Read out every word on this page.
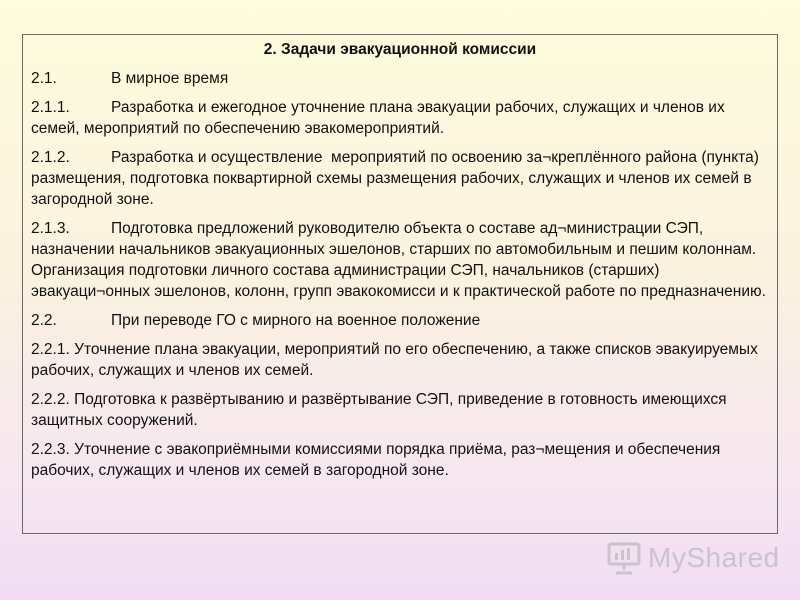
2. Задачи эвакуационной комиссии
2.1.	В мирное время
2.1.1.	Разработка и ежегодное уточнение плана эвакуации рабочих, служащих и членов их семей, мероприятий по обеспечению эвакомероприятий.
2.1.2.	Разработка и осуществление  мероприятий по освоению за¬креплённого района (пункта) размещения, подготовка поквартирной схемы размещения рабочих, служащих и членов их семей в загородной зоне.
2.1.3.	Подготовка предложений руководителю объекта о составе ад¬министрации СЭП, назначении начальников эвакуационных эшелонов, старших по автомобильным и пешим колоннам. Организация подготовки личного состава администрации СЭП, начальников (старших) эвакуаци¬онных эшелонов, колонн, групп эвакокомисси и к практической работе по предназначению.
2.2.	При переводе ГО с мирного на военное положение
2.2.1. Уточнение плана эвакуации, мероприятий по его обеспечению, а также списков эвакуируемых рабочих, служащих и членов их семей.
2.2.2. Подготовка к развёртыванию и развёртывание СЭП, приведение в готовность имеющихся защитных сооружений.
2.2.3. Уточнение с эвакоприёмными комиссиями порядка приёма, раз¬мещения и обеспечения рабочих, служащих и членов их семей в загородной зоне.
MyShared
